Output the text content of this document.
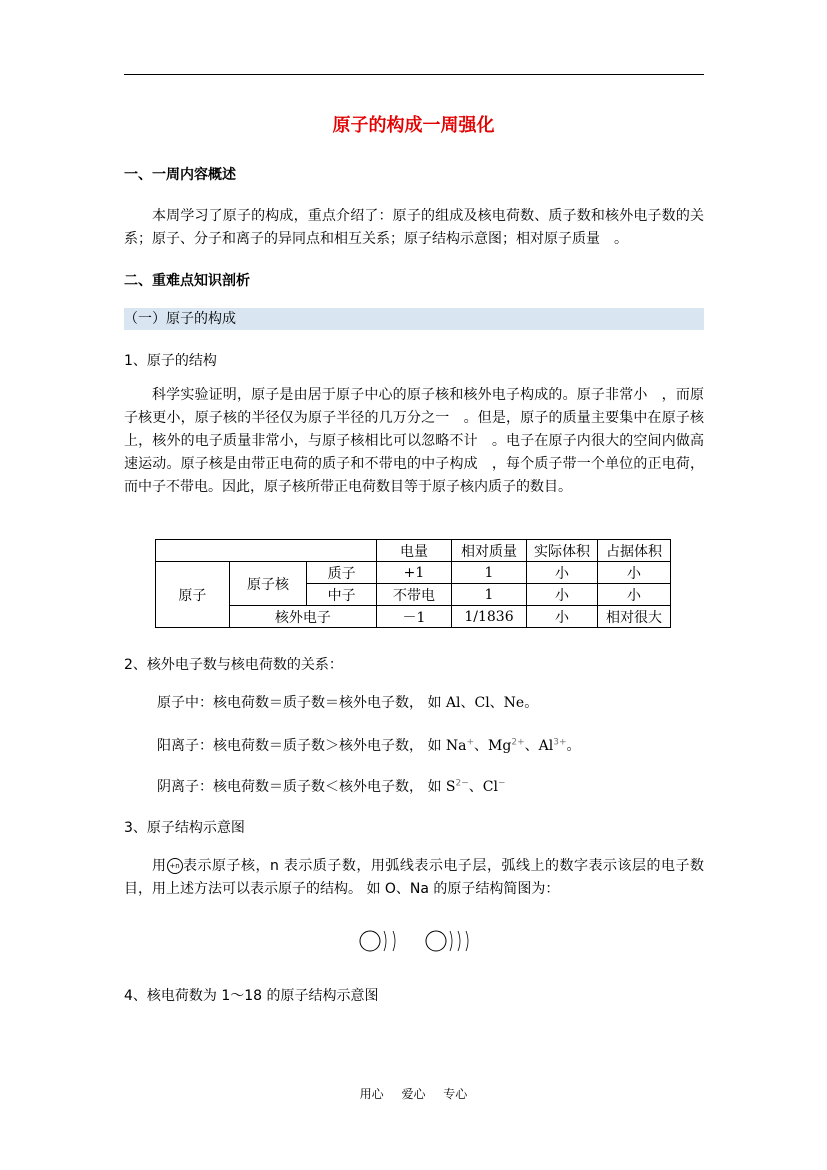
原子的构成一周强化
一、一周内容概述
本周学习了原子的构成，重点介绍了：原子的组成及核电荷数、质子数和核外电子数的关系；原子、分子和离子的异同点和相互关系；原子结构示意图；相对原子质量　。
二、重难点知识剖析
（一）原子的构成
1、原子的结构
科学实验证明，原子是由居于原子中心的原子核和核外电子构成的。原子非常小　，而原子核更小，原子核的半径仅为原子半径的几万分之一　。但是，原子的质量主要集中在原子核上，核外的电子质量非常小，与原子核相比可以忽略不计　。电子在原子内很大的空间内做高速运动。原子核是由带正电荷的质子和不带电的中子构成　，每个质子带一个单位的正电荷，而中子不带电。因此，原子核所带正电荷数目等于原子核内质子的数目。
			电量	相对质量	实际体积	占据体积
原子	原子核	质子	+1	1	小	小
		中子	不带电	1	小	小
	核外电子		－1	1/1836	小	相对很大
2、核外电子数与核电荷数的关系：
原子中：核电荷数＝质子数＝核外电子数， 如 Al、Cl、Ne。
阳离子：核电荷数＝质子数＞核外电子数， 如 Na+、$Mg^{2+}$、$Al^{3+}$。
阴离子：核电荷数＝质子数＜核外电子数， 如 $S^{2-}$、Cl−
3、原子结构示意图
用 +n 表示原子核，n 表示质子数，用弧线表示电子层，弧线上的数字表示该层的电子数目，用上述方法可以表示原子的结构。 如 O、Na 的原子结构简图为：
4、核电荷数为 1～18 的原子结构示意图
用心 爱心 专心
